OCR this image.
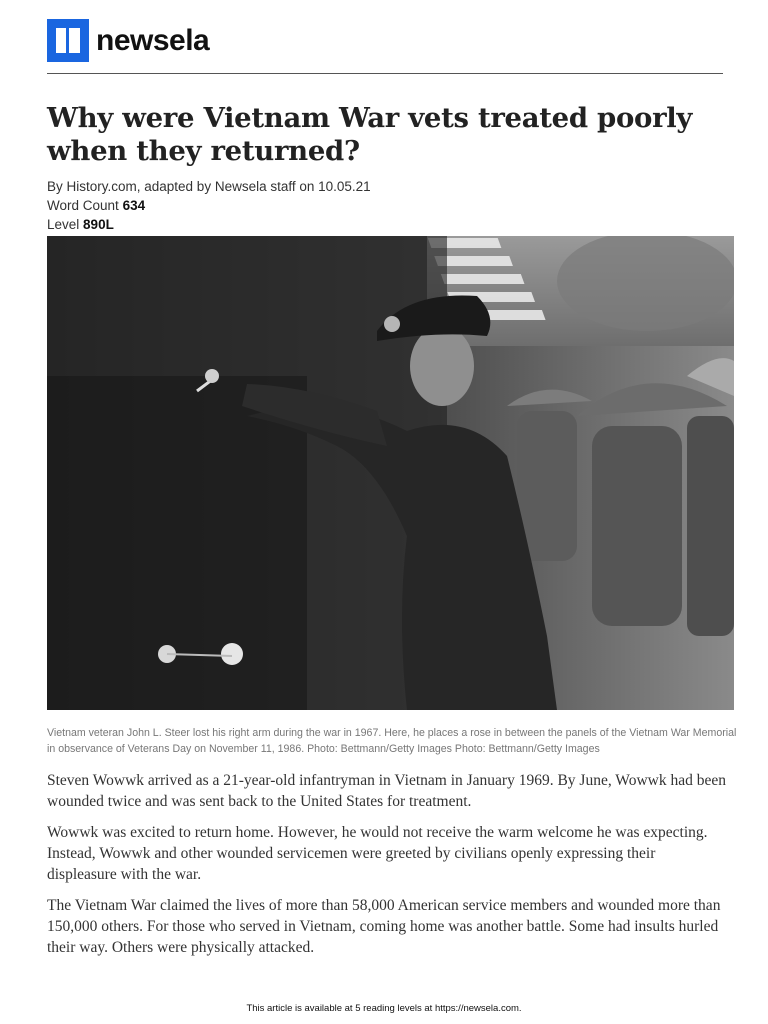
newsela
Why were Vietnam War vets treated poorly when they returned?
By History.com, adapted by Newsela staff on 10.05.21
Word Count 634
Level 890L
Vietnam veteran John L. Steer lost his right arm during the war in 1967. Here, he places a rose in between the panels of the Vietnam War Memorial in observance of Veterans Day on November 11, 1986. Photo: Bettmann/Getty Images Photo: Bettmann/Getty Images

Steven Wowwk arrived as a 21-year-old infantryman in Vietnam in January 1969. By June, Wowwk had been wounded twice and was sent back to the United States for treatment.

Wowwk was excited to return home. However, he would not receive the warm welcome he was expecting. Instead, Wowwk and other wounded servicemen were greeted by civilians openly expressing their displeasure with the war.

The Vietnam War claimed the lives of more than 58,000 American service members and wounded more than 150,000 others. For those who served in Vietnam, coming home was another battle. Some had insults hurled their way. Others were physically attacked.

This article is available at 5 reading levels at https://newsela.com.
